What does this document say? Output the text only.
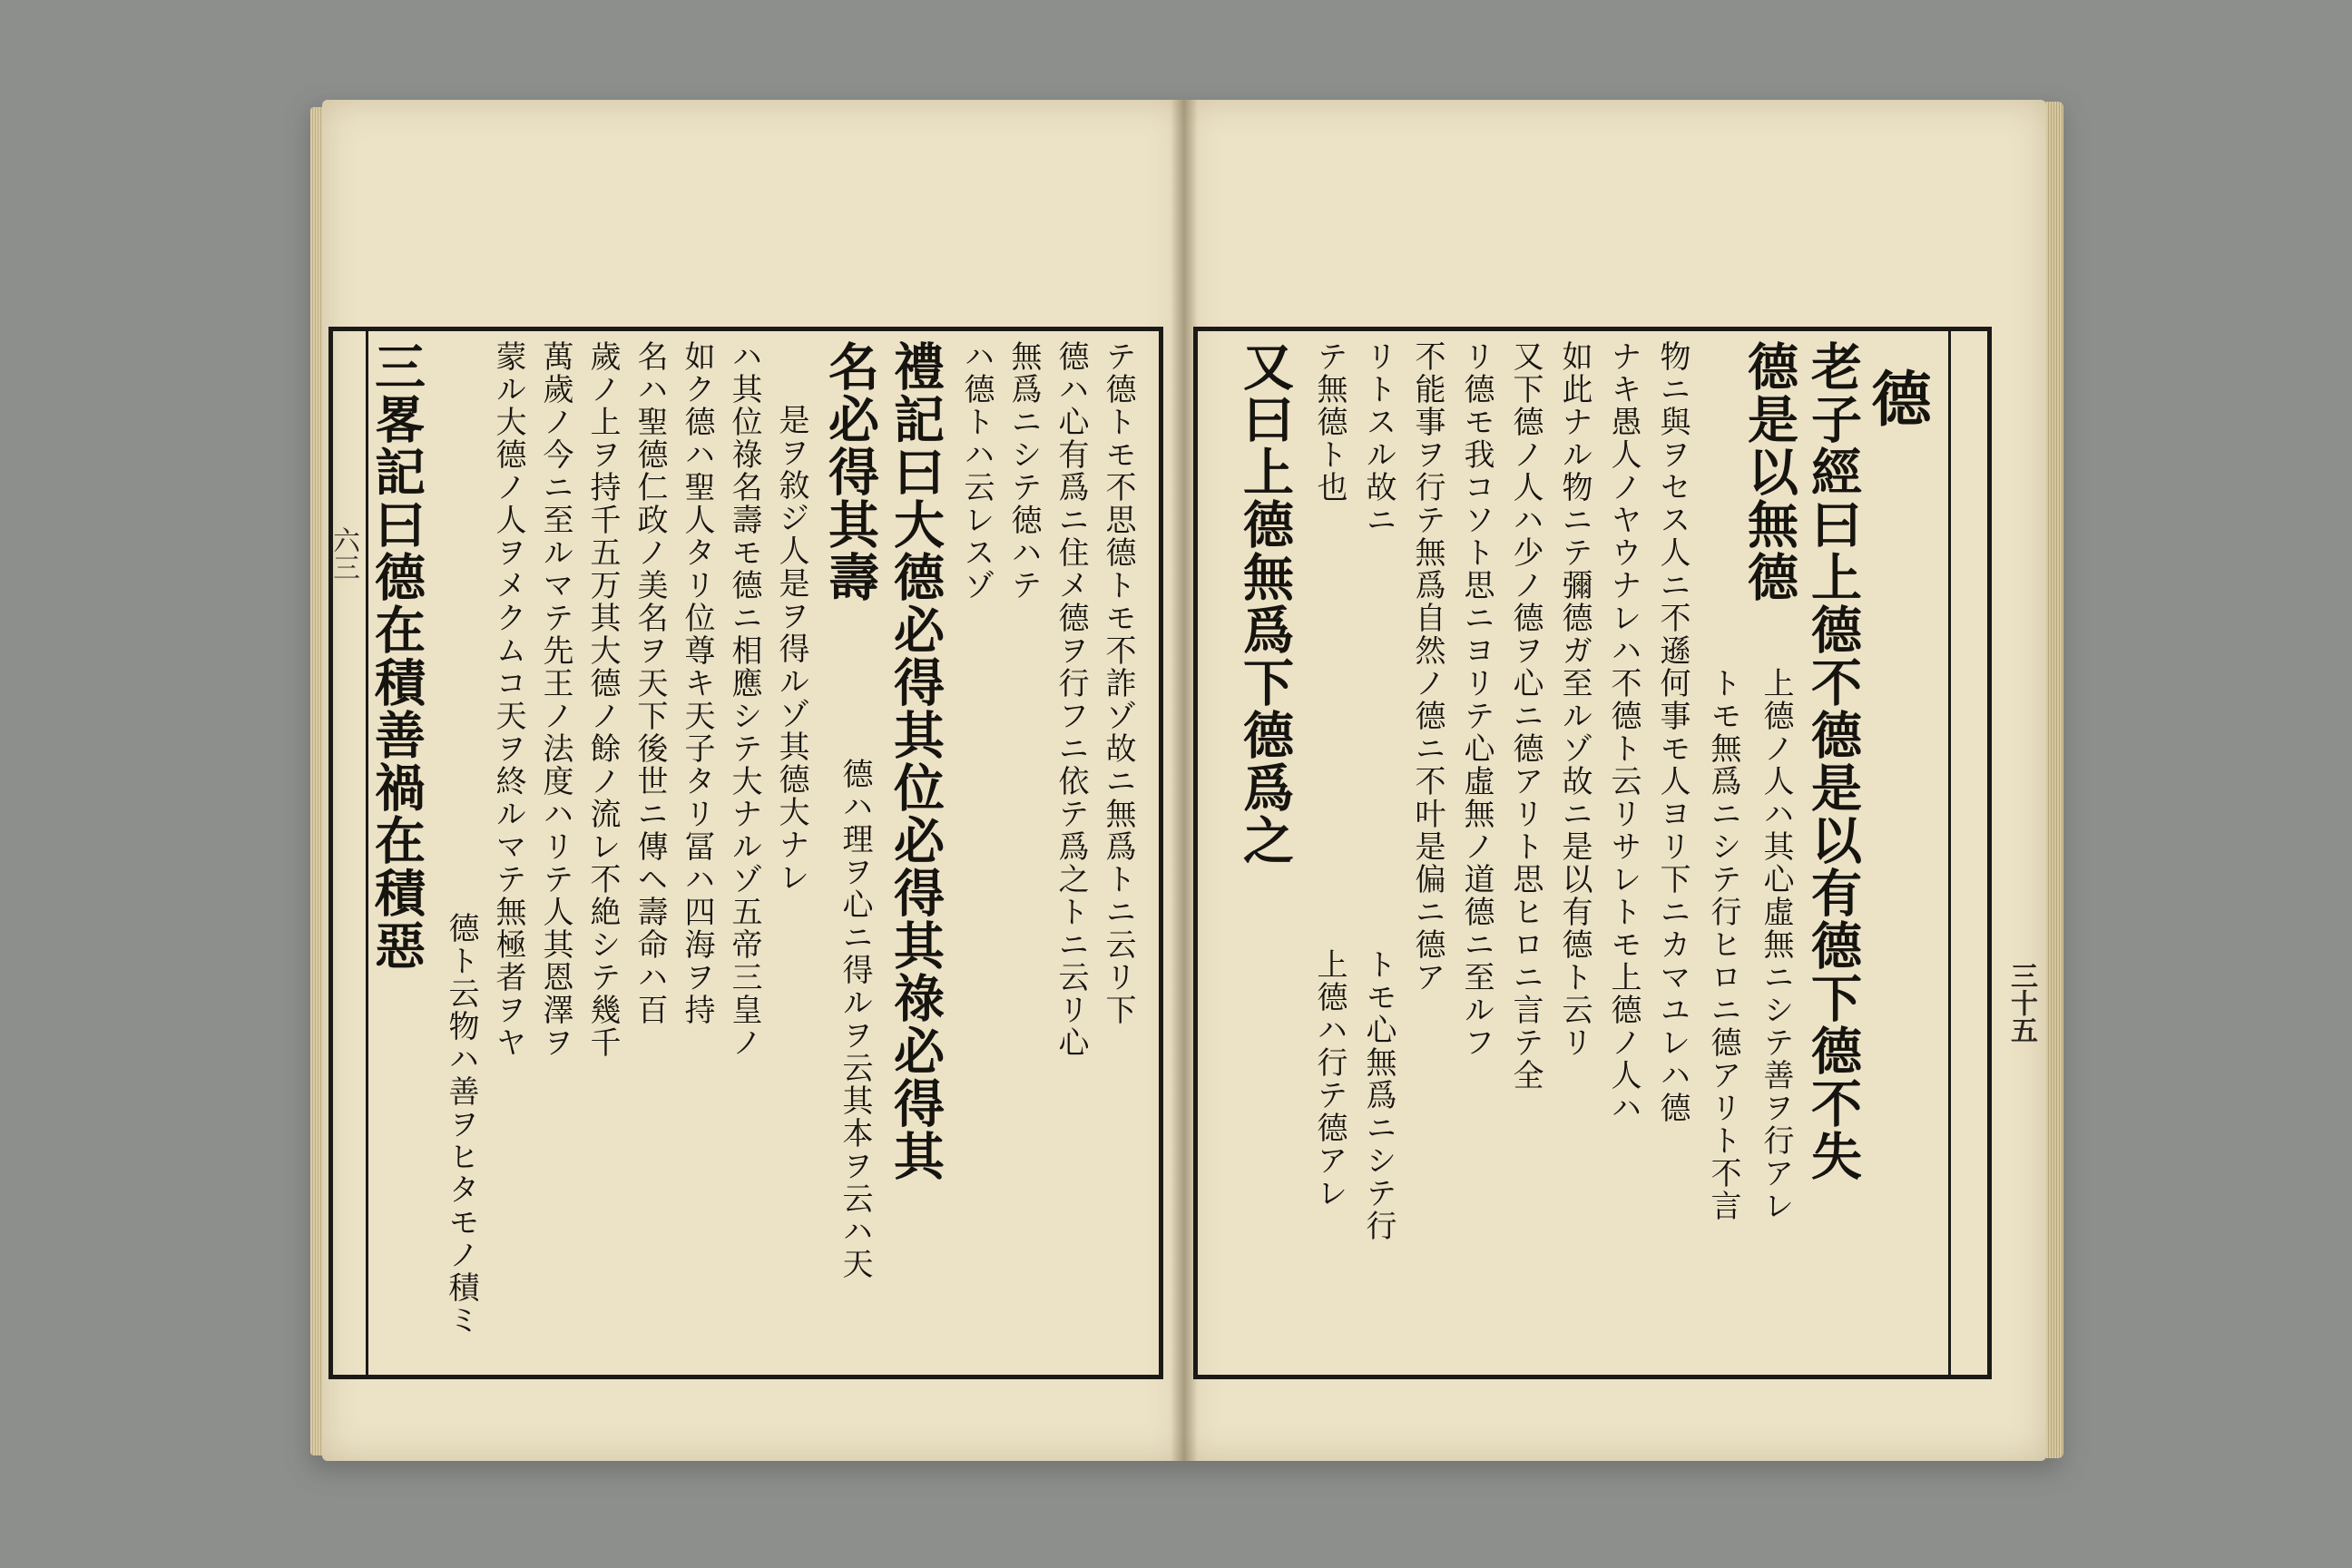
テ德トモ不思德トモ不詐ゾ故ニ無爲トニ云リ下
德ハ心有爲ニ住メ德ヲ行フニ依テ爲之トニ云リ心
無爲ニシテ徳ハテ
ハ德トハ云レスゾ
禮記曰大德必得其位必得其祿必得其
名必得其壽
德ハ理ヲ心ニ得ルヲ云其本ヲ云ハ天
是ヲ敘ジ人是ヲ得ルゾ其德大ナレ
ハ其位祿名壽モ德ニ相應シテ大ナルゾ五帝三皇ノ
如ク德ハ聖人タリ位尊キ天子タリ冨ハ四海ヲ持
名ハ聖德仁政ノ美名ヲ天下後世ニ傳ヘ壽命ハ百
歲ノ上ヲ持千五万其大德ノ餘ノ流レ不絶シテ幾千
萬歲ノ今ニ至ルマテ先王ノ法度ハリテ人其恩澤ヲ
蒙ル大德ノ人ヲメクムコ天ヲ終ルマテ無極者ヲヤ
德ト云物ハ善ヲヒタモノ積ミ
三畧記曰德在積善禍在積惡	德
老子經曰上德不德是以有德下德不失
德是以無德
上德ノ人ハ其心虛無ニシテ善ヲ行アレ
トモ無爲ニシテ行ヒロニ德アリト不言
物ニ與ヲセス人ニ不遜何事モ人ヨリ下ニカマユレハ德
ナキ愚人ノヤウナレハ不德ト云リサレトモ上德ノ人ハ
如此ナル物ニテ彌德ガ至ルゾ故ニ是以有德ト云リ
又下德ノ人ハ少ノ德ヲ心ニ德アリト思ヒロニ言テ全
リ德モ我コソト思ニヨリテ心虛無ノ道德ニ至ルフ
不能事ヲ行テ無爲自然ノ德ニ不叶是偏ニ德ア
リトスル故ニ
テ無德ト也
又曰上德無爲下德爲之
上德ハ行テ德アレ トモ心無爲ニシテ行
六三
三十五
